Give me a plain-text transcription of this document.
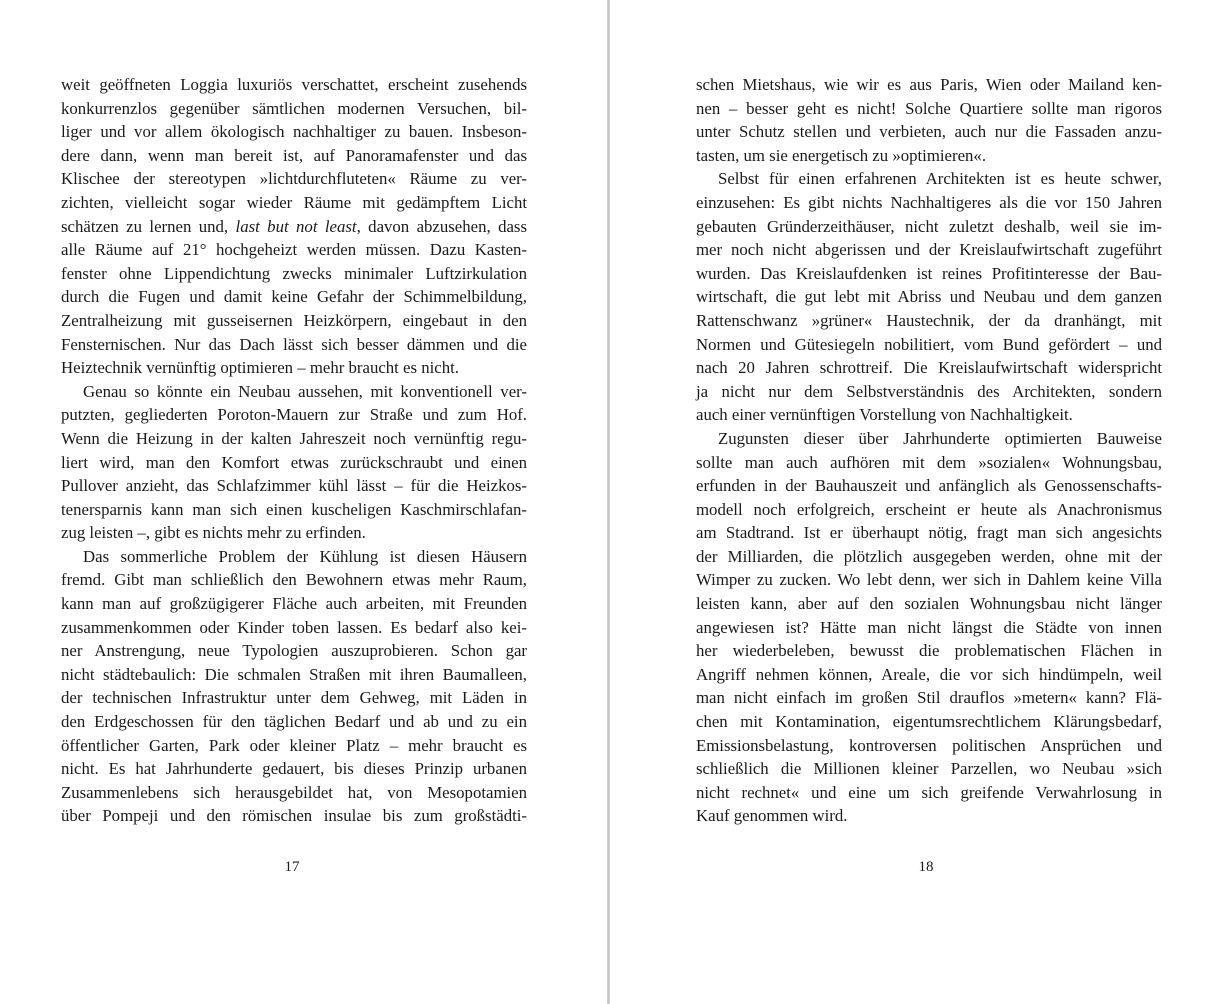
weit geöffneten Loggia luxuriös verschattet, erscheint zusehends
konkurrenzlos gegenüber sämtlichen modernen Versuchen, bil-
liger und vor allem ökologisch nachhaltiger zu bauen. Insbeson-
dere dann, wenn man bereit ist, auf Panoramafenster und das
Klischee der stereotypen »lichtdurchfluteten« Räume zu ver-
zichten, vielleicht sogar wieder Räume mit gedämpftem Licht
schätzen zu lernen und, last but not least, davon abzusehen, dass
alle Räume auf 21° hochgeheizt werden müssen. Dazu Kasten-
fenster ohne Lippendichtung zwecks minimaler Luftzirkulation
durch die Fugen und damit keine Gefahr der Schimmelbildung,
Zentralheizung mit gusseisernen Heizkörpern, eingebaut in den
Fensternischen. Nur das Dach lässt sich besser dämmen und die
Heiztechnik vernünftig optimieren – mehr braucht es nicht.
Genau so könnte ein Neubau aussehen, mit konventionell ver-
putzten, gegliederten Poroton-Mauern zur Straße und zum Hof.
Wenn die Heizung in der kalten Jahreszeit noch vernünftig regu-
liert wird, man den Komfort etwas zurückschraubt und einen
Pullover anzieht, das Schlafzimmer kühl lässt – für die Heizkos-
tenersparnis kann man sich einen kuscheligen Kaschmirschlafan-
zug leisten –, gibt es nichts mehr zu erfinden.
Das sommerliche Problem der Kühlung ist diesen Häusern
fremd. Gibt man schließlich den Bewohnern etwas mehr Raum,
kann man auf großzügigerer Fläche auch arbeiten, mit Freunden
zusammenkommen oder Kinder toben lassen. Es bedarf also kei-
ner Anstrengung, neue Typologien auszuprobieren. Schon gar
nicht städtebaulich: Die schmalen Straßen mit ihren Baumalleen,
der technischen Infrastruktur unter dem Gehweg, mit Läden in
den Erdgeschossen für den täglichen Bedarf und ab und zu ein
öffentlicher Garten, Park oder kleiner Platz – mehr braucht es
nicht. Es hat Jahrhunderte gedauert, bis dieses Prinzip urbanen
Zusammenlebens sich herausgebildet hat, von Mesopotamien
über Pompeji und den römischen insulae bis zum großstädti-
schen Mietshaus, wie wir es aus Paris, Wien oder Mailand ken-
nen – besser geht es nicht! Solche Quartiere sollte man rigoros
unter Schutz stellen und verbieten, auch nur die Fassaden anzu-
tasten, um sie energetisch zu »optimieren«.
Selbst für einen erfahrenen Architekten ist es heute schwer,
einzusehen: Es gibt nichts Nachhaltigeres als die vor 150 Jahren
gebauten Gründerzeithäuser, nicht zuletzt deshalb, weil sie im-
mer noch nicht abgerissen und der Kreislaufwirtschaft zugeführt
wurden. Das Kreislaufdenken ist reines Profitinteresse der Bau-
wirtschaft, die gut lebt mit Abriss und Neubau und dem ganzen
Rattenschwanz »grüner« Haustechnik, der da dranhängt, mit
Normen und Gütesiegeln nobilitiert, vom Bund gefördert – und
nach 20 Jahren schrottreif. Die Kreislaufwirtschaft widerspricht
ja nicht nur dem Selbstverständnis des Architekten, sondern
auch einer vernünftigen Vorstellung von Nachhaltigkeit.
Zugunsten dieser über Jahrhunderte optimierten Bauweise
sollte man auch aufhören mit dem »sozialen« Wohnungsbau,
erfunden in der Bauhauszeit und anfänglich als Genossenschafts-
modell noch erfolgreich, erscheint er heute als Anachronismus
am Stadtrand. Ist er überhaupt nötig, fragt man sich angesichts
der Milliarden, die plötzlich ausgegeben werden, ohne mit der
Wimper zu zucken. Wo lebt denn, wer sich in Dahlem keine Villa
leisten kann, aber auf den sozialen Wohnungsbau nicht länger
angewiesen ist? Hätte man nicht längst die Städte von innen
her wiederbeleben, bewusst die problematischen Flächen in
Angriff nehmen können, Areale, die vor sich hindümpeln, weil
man nicht einfach im großen Stil drauflos »metern« kann? Flä-
chen mit Kontamination, eigentumsrechtlichem Klärungsbedarf,
Emissionsbelastung, kontroversen politischen Ansprüchen und
schließlich die Millionen kleiner Parzellen, wo Neubau »sich
nicht rechnet« und eine um sich greifende Verwahrlosung in
Kauf genommen wird.
17	18
